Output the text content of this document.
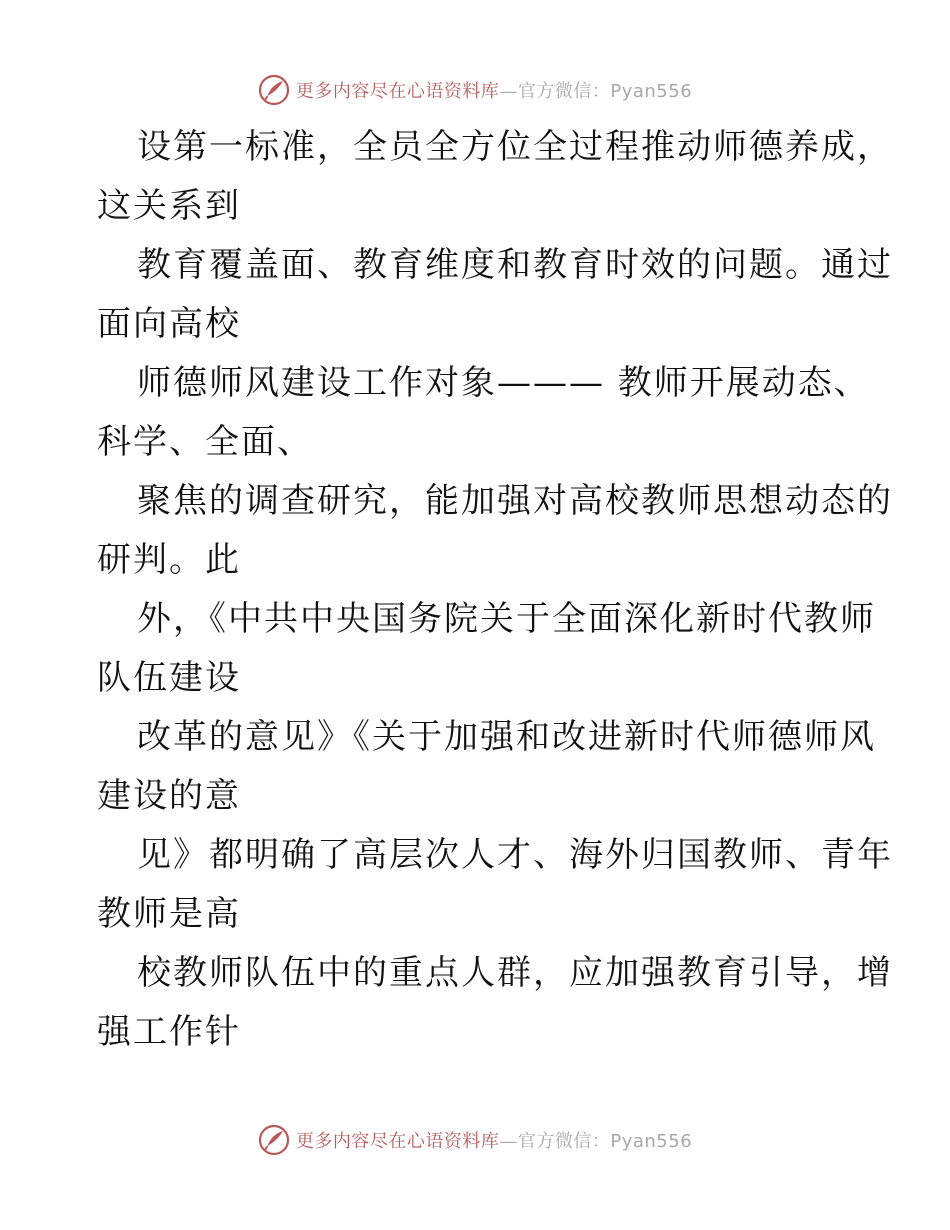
更多内容尽在心语资料库—官方微信：Pyan556
设第一标准，全员全方位全过程推动师德养成，
这关系到
教育覆盖面、教育维度和教育时效的问题。通过
面向高校
师德师风建设工作对象——— 教师开展动态、
科学、全面、
聚焦的调查研究，能加强对高校教师思想动态的
研判。此
外，《中共中央国务院关于全面深化新时代教师
队伍建设
改革的意见》《关于加强和改进新时代师德师风
建设的意
见》都明确了高层次人才、海外归国教师、青年
教师是高
校教师队伍中的重点人群，应加强教育引导，增
强工作针
更多内容尽在心语资料库—官方微信：Pyan556
